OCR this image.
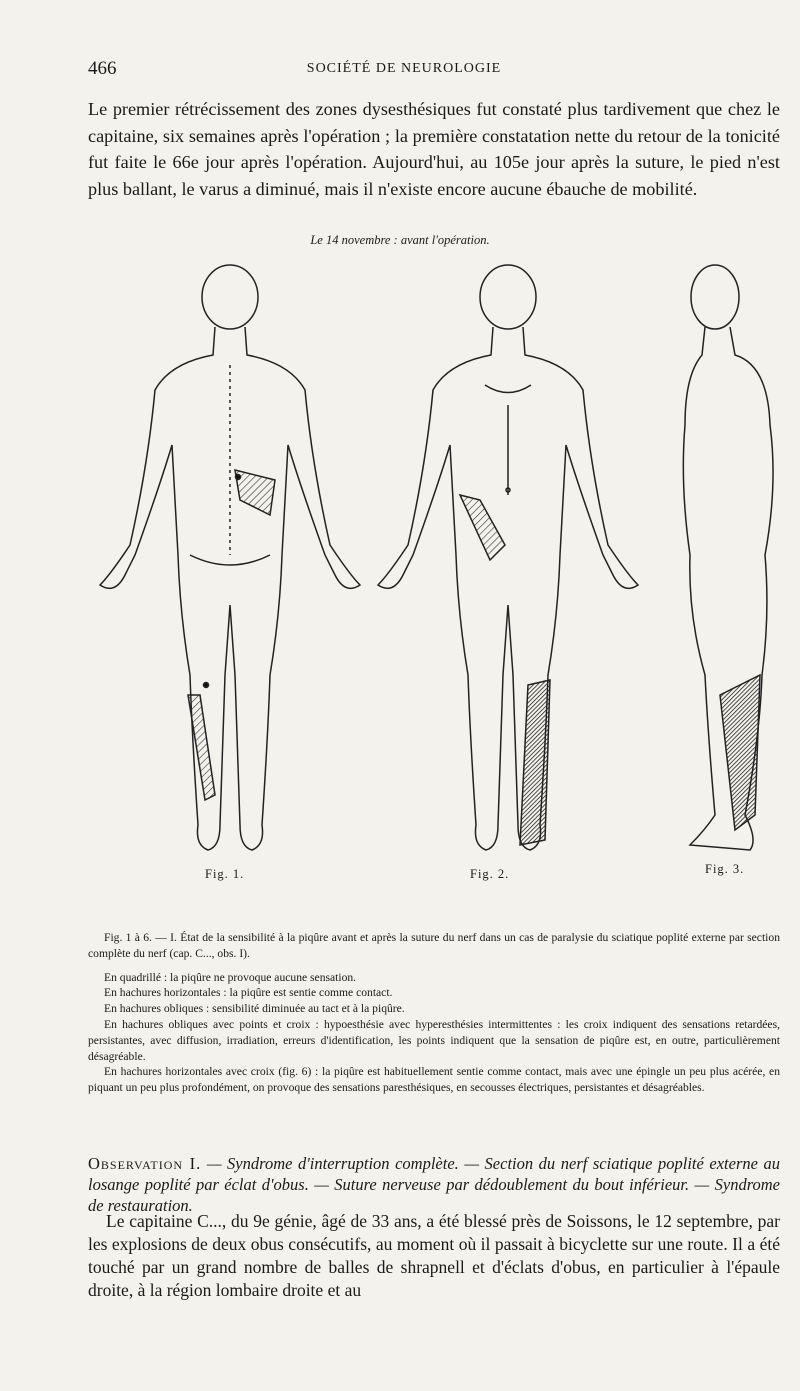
466	SOCIÉTÉ DE NEUROLOGIE

Le premier rétrécissement des zones dysesthésiques fut constaté plus tardivement que chez le capitaine, six semaines après l'opération ; la première constatation nette du retour de la tonicité fut faite le 66e jour après l'opération. Aujourd'hui, au 105e jour après la suture, le pied n'est plus ballant, le varus a diminué, mais il n'existe encore aucune ébauche de mobilité.

Le 14 novembre : avant l'opération.
Fig. 1.	Fig. 2.	Fig. 3.

Fig. 1 à 6. — I. État de la sensibilité à la piqûre avant et après la suture du nerf dans un cas de paralysie du sciatique poplité externe par section complète du nerf (cap. C..., obs. I).

En quadrillé : la piqûre ne provoque aucune sensation.

En hachures horizontales : la piqûre est sentie comme contact.

En hachures obliques : sensibilité diminuée au tact et à la piqûre.

En hachures obliques avec points et croix : hypoesthésie avec hyperesthésies intermittentes : les croix indiquent des sensations retardées, persistantes, avec diffusion, irradiation, erreurs d'identification, les points indiquent que la sensation de piqûre est, en outre, particulièrement désagréable.

En hachures horizontales avec croix (fig. 6) : la piqûre est habituellement sentie comme contact, mais avec une épingle un peu plus acérée, en piquant un peu plus profondément, on provoque des sensations paresthésiques, en secousses électriques, persistantes et désagréables.

Observation I. — Syndrome d'interruption complète. — Section du nerf sciatique poplité externe au losange poplité par éclat d'obus. — Suture nerveuse par dédoublement du bout inférieur. — Syndrome de restauration.

Le capitaine C..., du 9e génie, âgé de 33 ans, a été blessé près de Soissons, le 12 septembre, par les explosions de deux obus consécutifs, au moment où il passait à bicyclette sur une route. Il a été touché par un grand nombre de balles de shrapnell et d'éclats d'obus, en particulier à l'épaule droite, à la région lombaire droite et au
